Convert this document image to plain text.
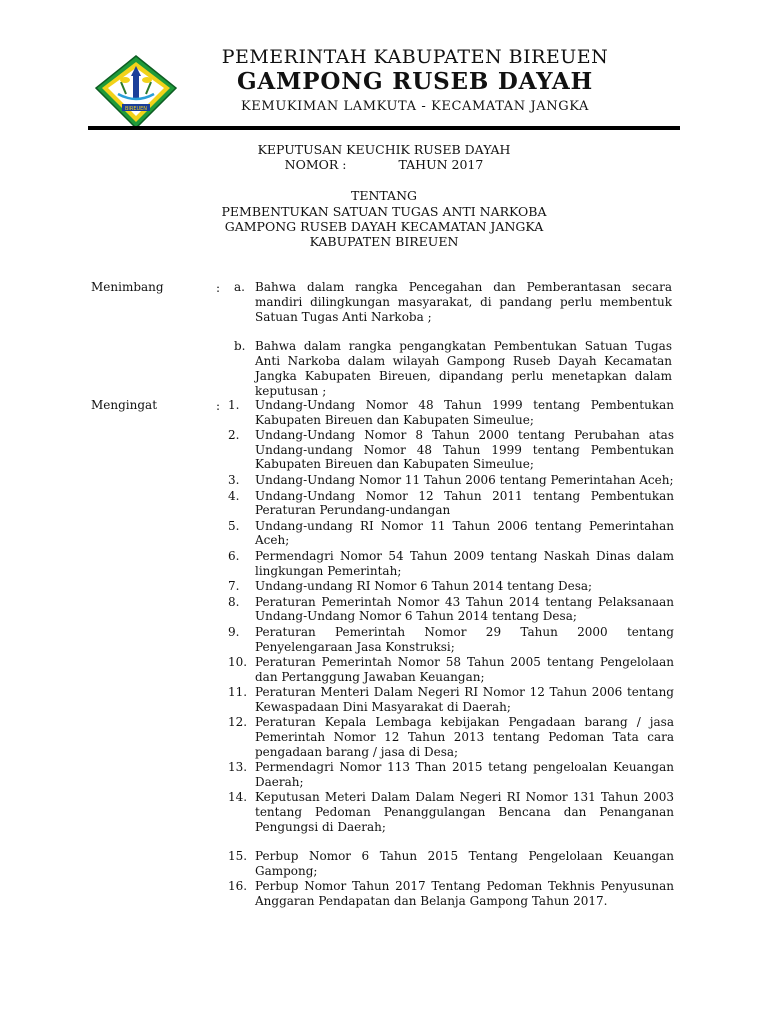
BIREUEN
PEMERINTAH KABUPATEN BIREUEN
GAMPONG RUSEB DAYAH
KEMUKIMAN LAMKUTA - KECAMATAN JANGKA
KEPUTUSAN KEUCHIK RUSEB DAYAH
NOMOR :	TAHUN 2017
TENTANG
PEMBENTUKAN SATUAN TUGAS ANTI NARKOBA
GAMPONG RUSEB DAYAH KECAMATAN JANGKA
KABUPATEN BIREUEN
Menimbang	: a. Bahwa dalam rangka Pencegahan dan Pemberantasan secara mandiri dilingkungan masyarakat, di pandang perlu membentuk Satuan Tugas Anti Narkoba ;
b. Bahwa dalam rangka pengangkatan Pembentukan Satuan Tugas Anti Narkoba dalam wilayah Gampong Ruseb Dayah Kecamatan Jangka Kabupaten Bireuen, dipandang perlu menetapkan dalam keputusan ;
Mengingat	: 1.	Undang-Undang Nomor 48 Tahun 1999 tentang Pembentukan Kabupaten Bireuen dan Kabupaten Simeulue;
2.	Undang-Undang Nomor 8 Tahun 2000 tentang Perubahan atas Undang-undang Nomor 48 Tahun 1999 tentang Pembentukan Kabupaten Bireuen dan Kabupaten Simeulue;
3.	Undang-Undang Nomor 11 Tahun 2006 tentang Pemerintahan Aceh;
4.	Undang-Undang Nomor 12 Tahun 2011 tentang Pembentukan Peraturan Perundang-undangan
5.	Undang-undang RI Nomor 11 Tahun 2006 tentang Pemerintahan Aceh;
6.	Permendagri Nomor 54 Tahun 2009 tentang Naskah Dinas dalam lingkungan Pemerintah;
7.	Undang-undang RI Nomor 6 Tahun 2014 tentang Desa;
8.	Peraturan Pemerintah Nomor 43 Tahun 2014 tentang Pelaksanaan Undang-Undang Nomor 6 Tahun 2014 tentang Desa;
9.	Peraturan Pemerintah Nomor 29 Tahun 2000 tentang Penyelengaraan Jasa Konstruksi;
10. Peraturan Pemerintah Nomor 58 Tahun 2005 tentang Pengelolaan dan Pertanggung Jawaban Keuangan;
11. Peraturan Menteri Dalam Negeri RI Nomor 12 Tahun 2006 tentang Kewaspadaan Dini Masyarakat di Daerah;
12. Peraturan Kepala Lembaga kebijakan Pengadaan barang / jasa Pemerintah Nomor 12 Tahun 2013 tentang Pedoman Tata cara pengadaan barang / jasa di Desa;
13. Permendagri Nomor 113 Than 2015 tetang pengeloalan Keuangan Daerah;
14. Keputusan Meteri Dalam Dalam Negeri RI Nomor 131 Tahun 2003 tentang Pedoman Penanggulangan Bencana dan Penanganan Pengungsi di Daerah;
15. Perbup Nomor 6 Tahun 2015 Tentang Pengelolaan Keuangan Gampong;
16. Perbup Nomor Tahun 2017 Tentang Pedoman Tekhnis Penyusunan Anggaran Pendapatan dan Belanja Gampong Tahun 2017.
